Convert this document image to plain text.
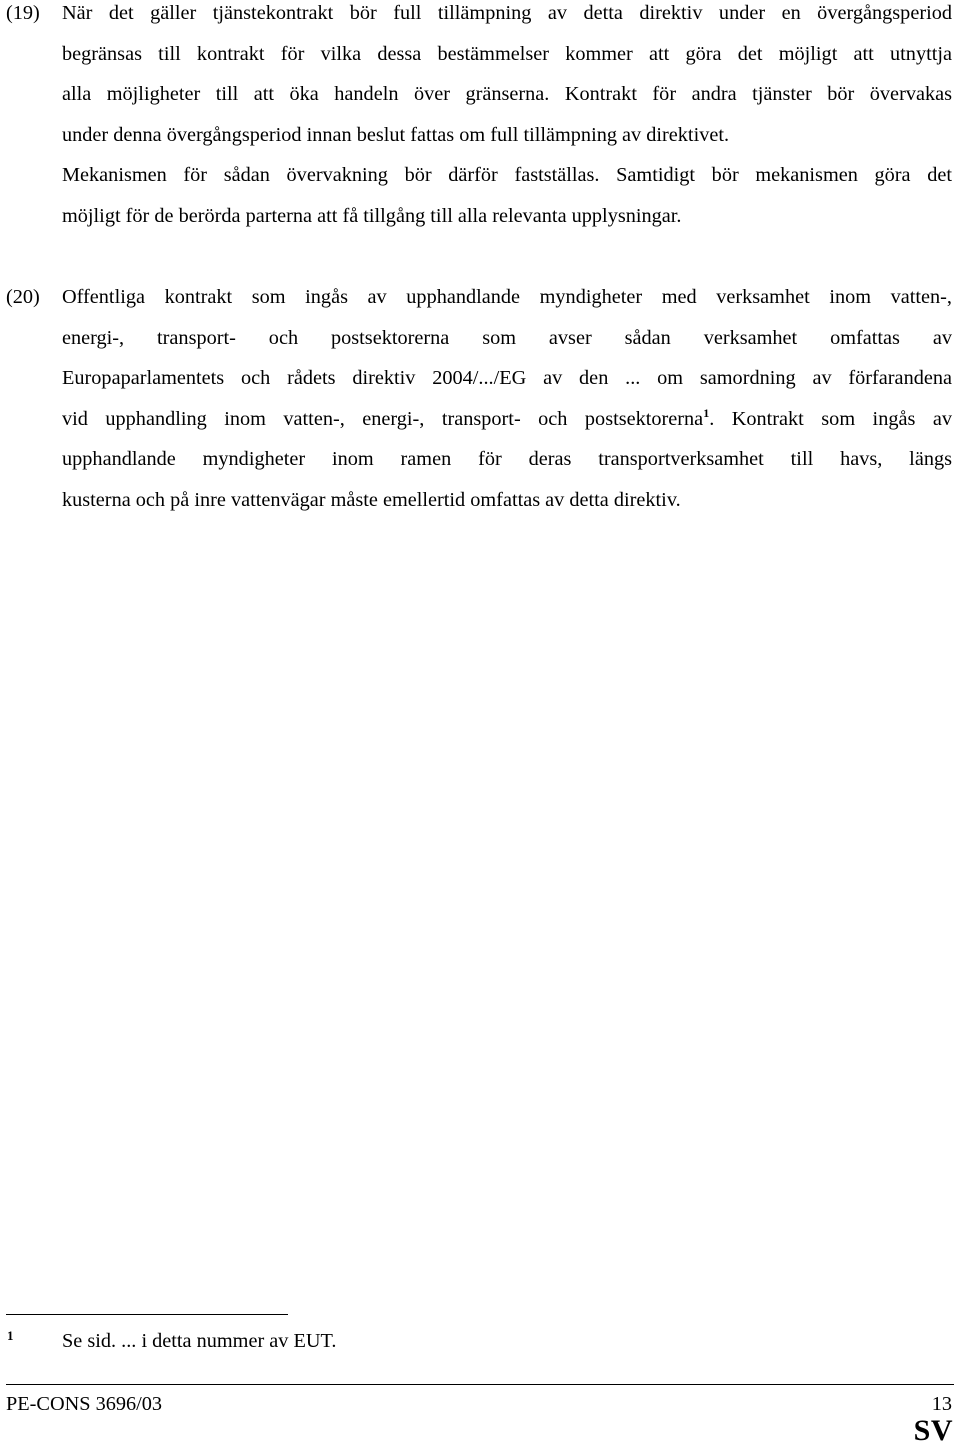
(19) När det gäller tjänstekontrakt bör full tillämpning av detta direktiv under en övergångsperiod
begränsas till kontrakt för vilka dessa bestämmelser kommer att göra det möjligt att utnyttja
alla möjligheter till att öka handeln över gränserna. Kontrakt för andra tjänster bör övervakas
under denna övergångsperiod innan beslut fattas om full tillämpning av direktivet.
Mekanismen för sådan övervakning bör därför fastställas. Samtidigt bör mekanismen göra det
möjligt för de berörda parterna att få tillgång till alla relevanta upplysningar.
(20) Offentliga kontrakt som ingås av upphandlande myndigheter med verksamhet inom vatten-,
energi-, transport- och postsektorerna som avser sådan verksamhet omfattas av
Europaparlamentets och rådets direktiv 2004/.../EG av den ... om samordning av förfarandena
vid upphandling inom vatten-, energi-, transport- och postsektorerna$^1$. Kontrakt som ingås av
upphandlande myndigheter inom ramen för deras transportverksamhet till havs, längs
kusterna och på inre vattenvägar måste emellertid omfattas av detta direktiv.
1 Se sid. ... i detta nummer av EUT.
PE-CONS 3696/03	13
SV
